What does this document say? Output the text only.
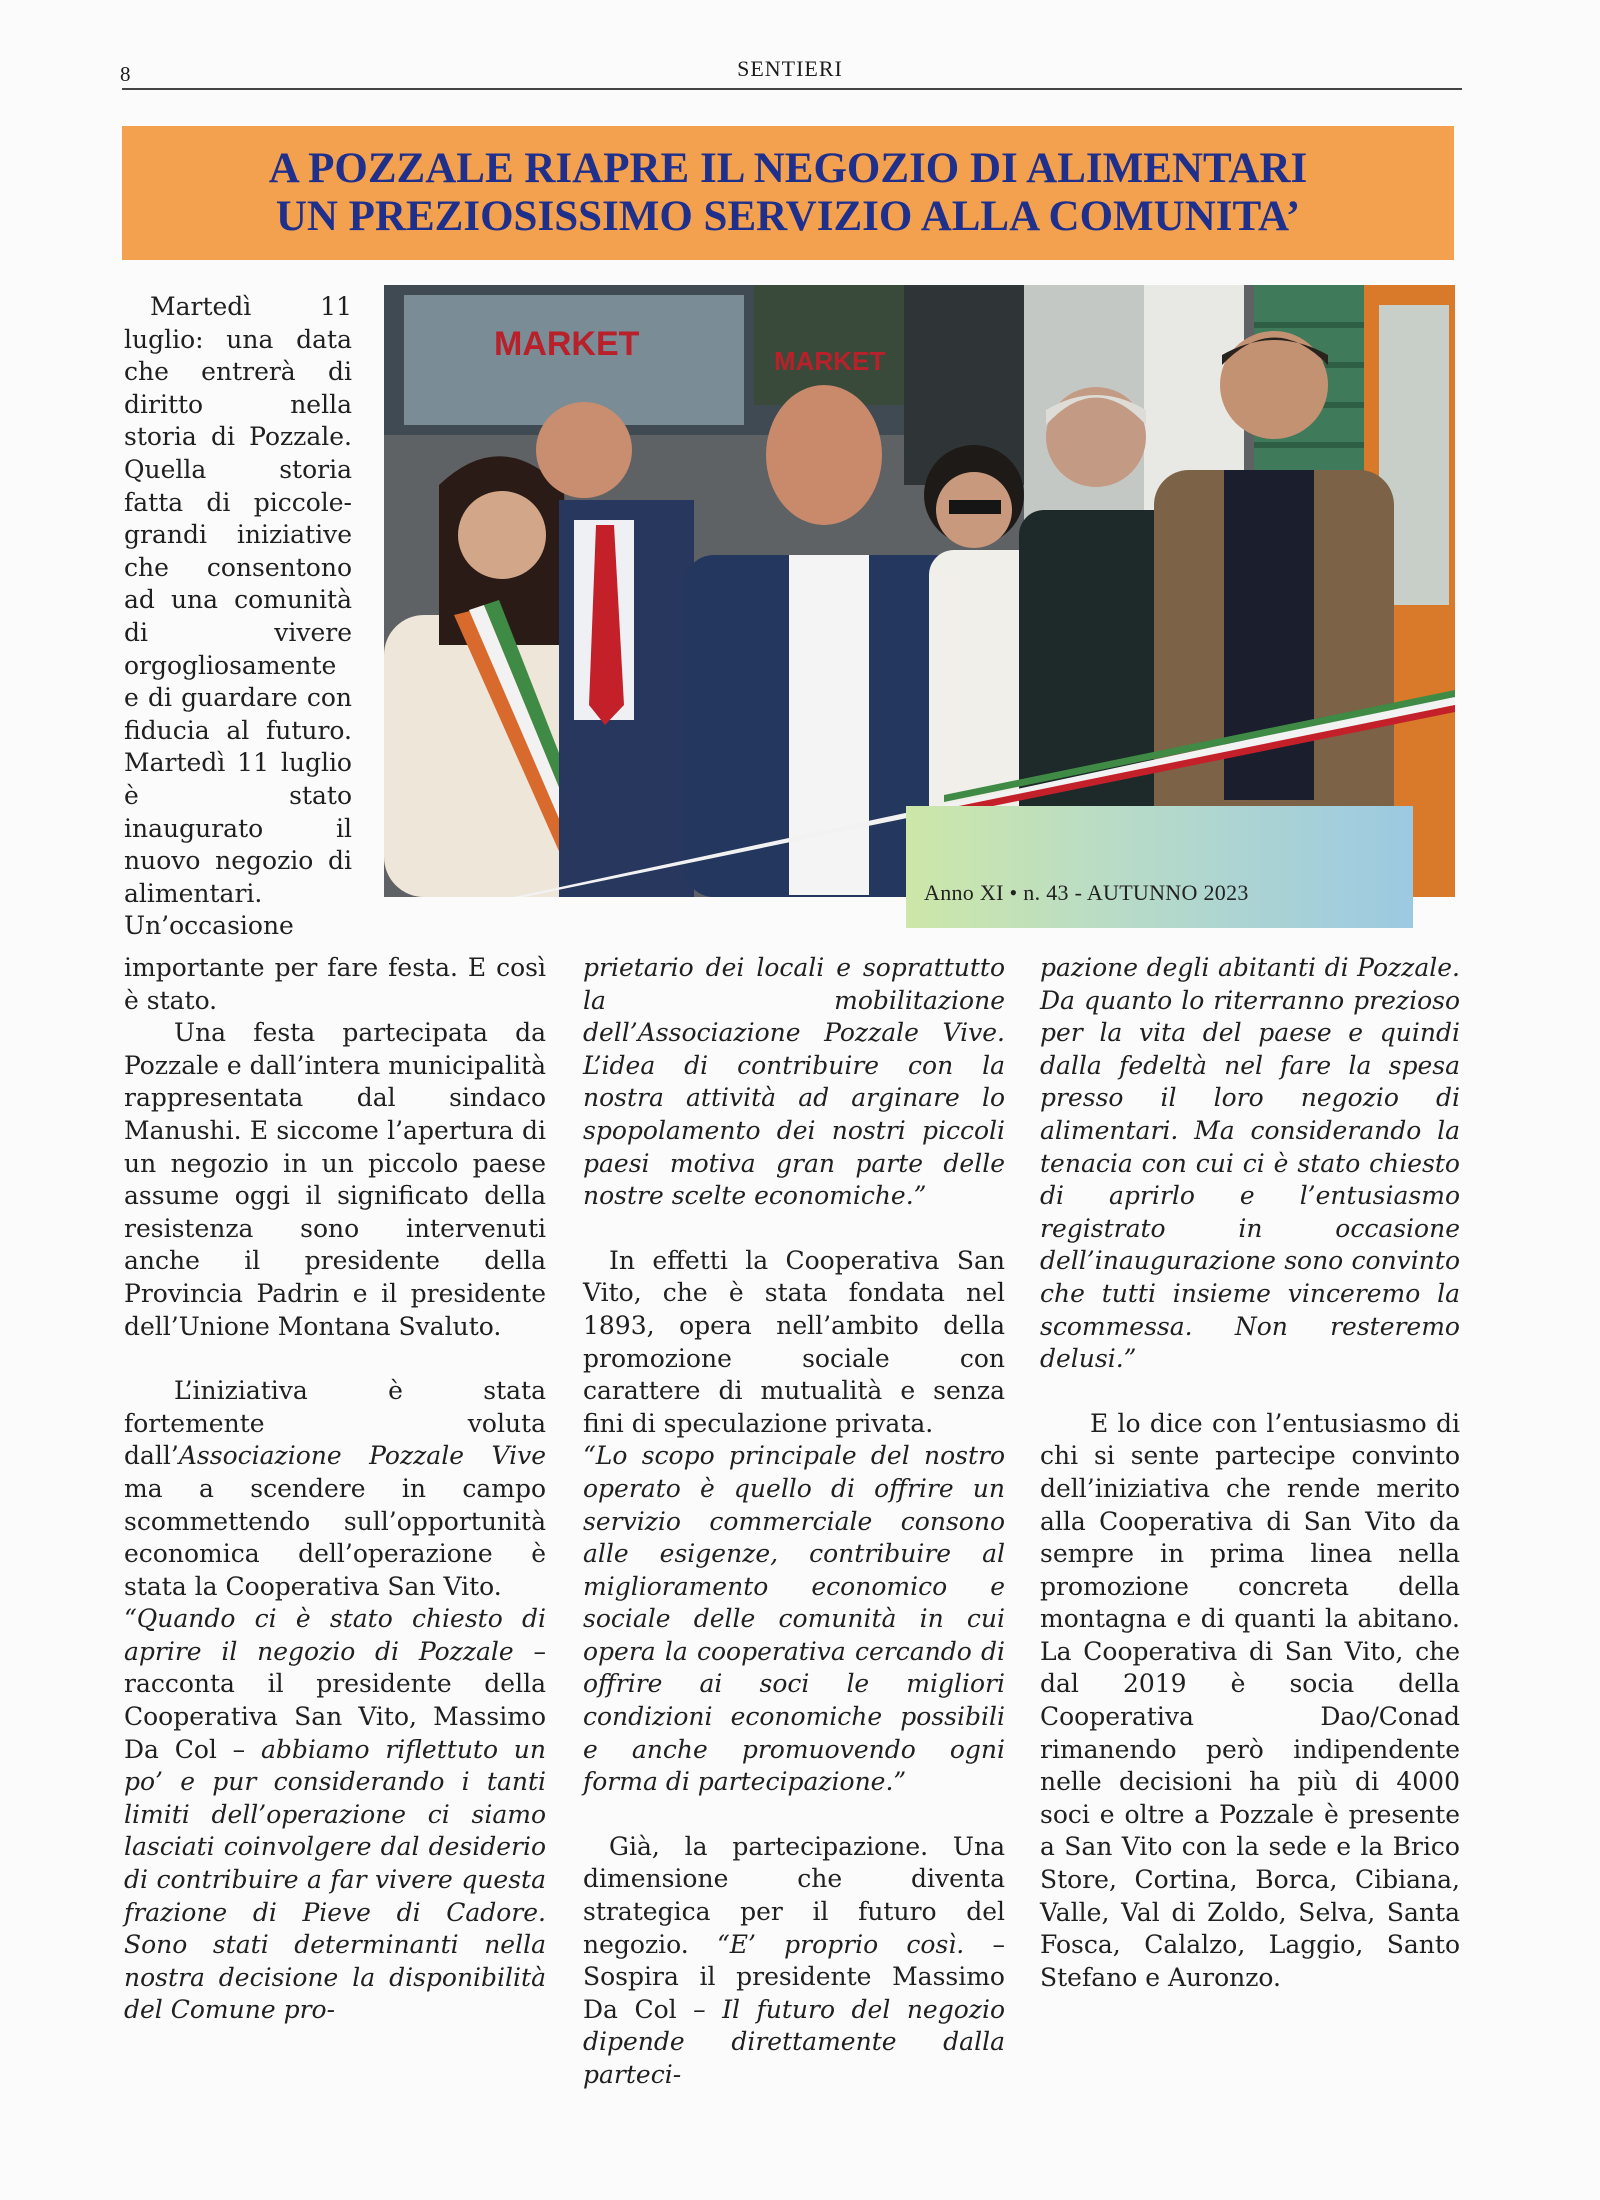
8	SENTIERI
A POZZALE RIAPRE IL NEGOZIO DI ALIMENTARI
UN PREZIOSISSIMO SERVIZIO ALLA COMUNITA’
MARKET	MARKET
Anno XI • n. 43 - AUTUNNO 2023

Martedì 11 luglio: una data che entrerà di diritto nella storia di Pozzale. Quella storia fatta di piccole-grandi iniziative che consentono ad una comunità di vivere orgogliosamente e di guardare con fiducia al futuro. Martedì 11 luglio è stato inaugurato il nuovo negozio di alimentari. Un’occasione

importante per fare festa. E così è stato.

Una festa partecipata da Pozzale e dall’intera municipalità rappresentata dal sindaco Manushi. E siccome l’apertura di un negozio in un piccolo paese assume oggi il significato della resistenza sono intervenuti anche il presidente della Provincia Padrin e il presidente dell’Unione Montana Svaluto.

L’iniziativa è stata fortemente voluta dall’Associazione Pozzale Vive ma a scendere in campo scommettendo sull’opportunità economica dell’operazione è stata la Cooperativa San Vito.

“Quando ci è stato chiesto di aprire il negozio di Pozzale – racconta il presidente della Cooperativa San Vito, Massimo Da Col – abbiamo riflettuto un po’ e pur considerando i tanti limiti dell’operazione ci siamo lasciati coinvolgere dal desiderio di contribuire a far vivere questa frazione di Pieve di Cadore. Sono stati determinanti nella nostra decisione la disponibilità del Comune pro-

prietario dei locali e soprattutto la mobilitazione dell’Associazione Pozzale Vive. L’idea di contribuire con la nostra attività ad arginare lo spopolamento dei nostri piccoli paesi motiva gran parte delle nostre scelte economiche.”

In effetti la Cooperativa San Vito, che è stata fondata nel 1893, opera nell’ambito della promozione sociale con carattere di mutualità e senza fini di speculazione privata.

“Lo scopo principale del nostro operato è quello di offrire un servizio commerciale consono alle esigenze, contribuire al miglioramento economico e sociale delle comunità in cui opera la cooperativa cercando di offrire ai soci le migliori condizioni economiche possibili e anche promuovendo ogni forma di partecipazione.”

Già, la partecipazione. Una dimensione che diventa strategica per il futuro del negozio. “E’ proprio così. – Sospira il presidente Massimo Da Col – Il futuro del negozio dipende direttamente dalla parteci-

pazione degli abitanti di Pozzale. Da quanto lo riterranno prezioso per la vita del paese e quindi dalla fedeltà nel fare la spesa presso il loro negozio di alimentari. Ma considerando la tenacia con cui ci è stato chiesto di aprirlo e l’entusiasmo registrato in occasione dell’inaugurazione sono convinto che tutti insieme vinceremo la scommessa. Non resteremo delusi.”

E lo dice con l’entusiasmo di chi si sente partecipe convinto dell’iniziativa che rende merito alla Cooperativa di San Vito da sempre in prima linea nella promozione concreta della montagna e di quanti la abitano. La Cooperativa di San Vito, che dal 2019 è socia della Cooperativa Dao/Conad rimanendo però indipendente nelle decisioni ha più di 4000 soci e oltre a Pozzale è presente a San Vito con la sede e la Brico Store, Cortina, Borca, Cibiana, Valle, Val di Zoldo, Selva, Santa Fosca, Calalzo, Laggio, Santo Stefano e Auronzo.
